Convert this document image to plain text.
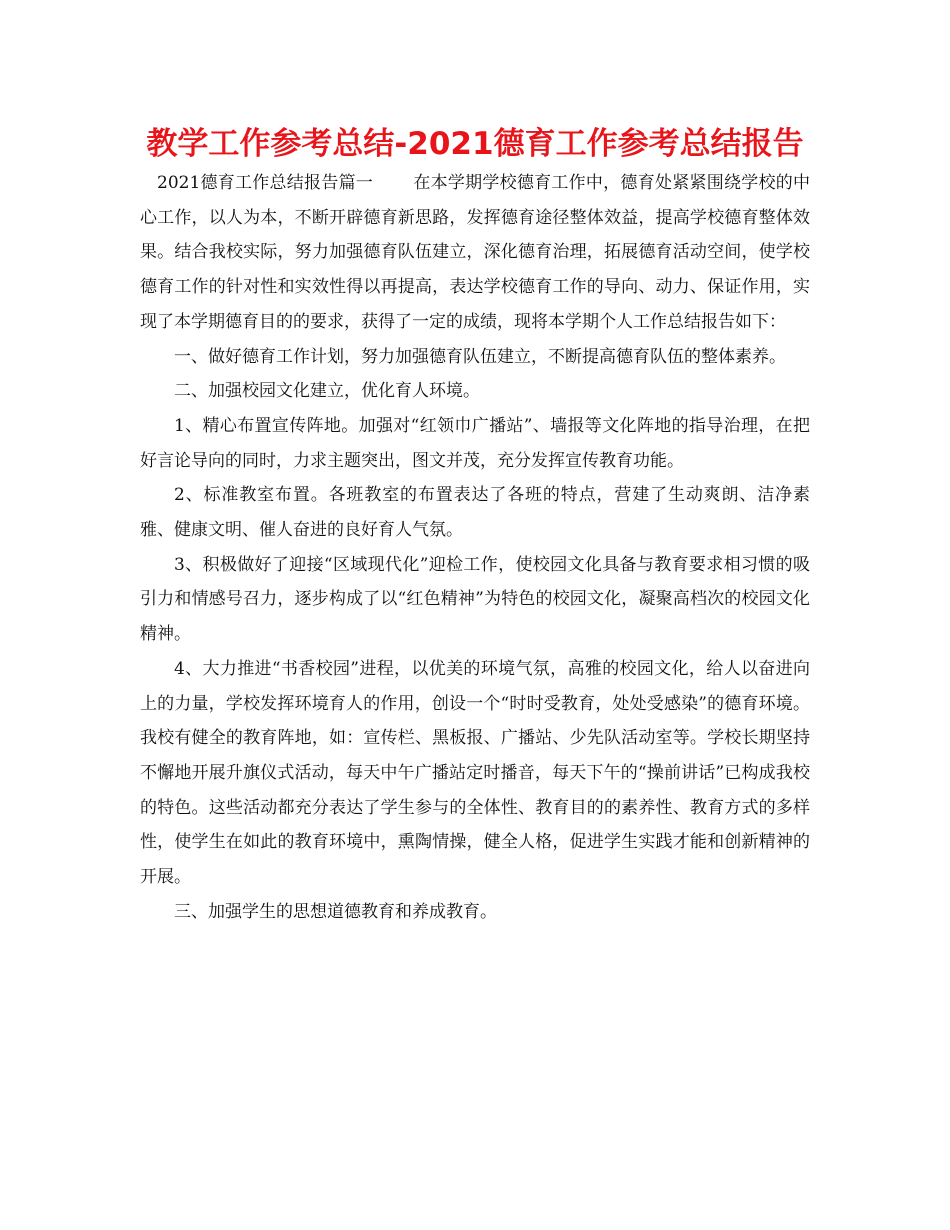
教学工作参考总结-2021德育工作参考总结报告

2021德育工作总结报告篇一 在本学期学校德育工作中，德育处紧紧围绕学校的中心工作，以人为本，不断开辟德育新思路，发挥德育途径整体效益，提高学校德育整体效果。结合我校实际，努力加强德育队伍建立，深化德育治理，拓展德育活动空间，使学校德育工作的针对性和实效性得以再提高，表达学校德育工作的导向、动力、保证作用，实现了本学期德育目的的要求，获得了一定的成绩，现将本学期个人工作总结报告如下：

一、做好德育工作计划，努力加强德育队伍建立，不断提高德育队伍的整体素养。

二、加强校园文化建立，优化育人环境。

1、精心布置宣传阵地。加强对“红领巾广播站”、墙报等文化阵地的指导治理，在把好言论导向的同时，力求主题突出，图文并茂，充分发挥宣传教育功能。

2、标准教室布置。各班教室的布置表达了各班的特点，营建了生动爽朗、洁净素雅、健康文明、催人奋进的良好育人气氛。

3、积极做好了迎接“区域现代化”迎检工作，使校园文化具备与教育要求相习惯的吸引力和情感号召力，逐步构成了以“红色精神”为特色的校园文化，凝聚高档次的校园文化精神。

4、大力推进“书香校园”进程，以优美的环境气氛，高雅的校园文化，给人以奋进向上的力量，学校发挥环境育人的作用，创设一个“时时受教育，处处受感染”的德育环境。我校有健全的教育阵地，如：宣传栏、黑板报、广播站、少先队活动室等。学校长期坚持不懈地开展升旗仪式活动，每天中午广播站定时播音，每天下午的“操前讲话”已构成我校的特色。这些活动都充分表达了学生参与的全体性、教育目的的素养性、教育方式的多样性，使学生在如此的教育环境中，熏陶情操，健全人格，促进学生实践才能和创新精神的开展。

三、加强学生的思想道德教育和养成教育。
